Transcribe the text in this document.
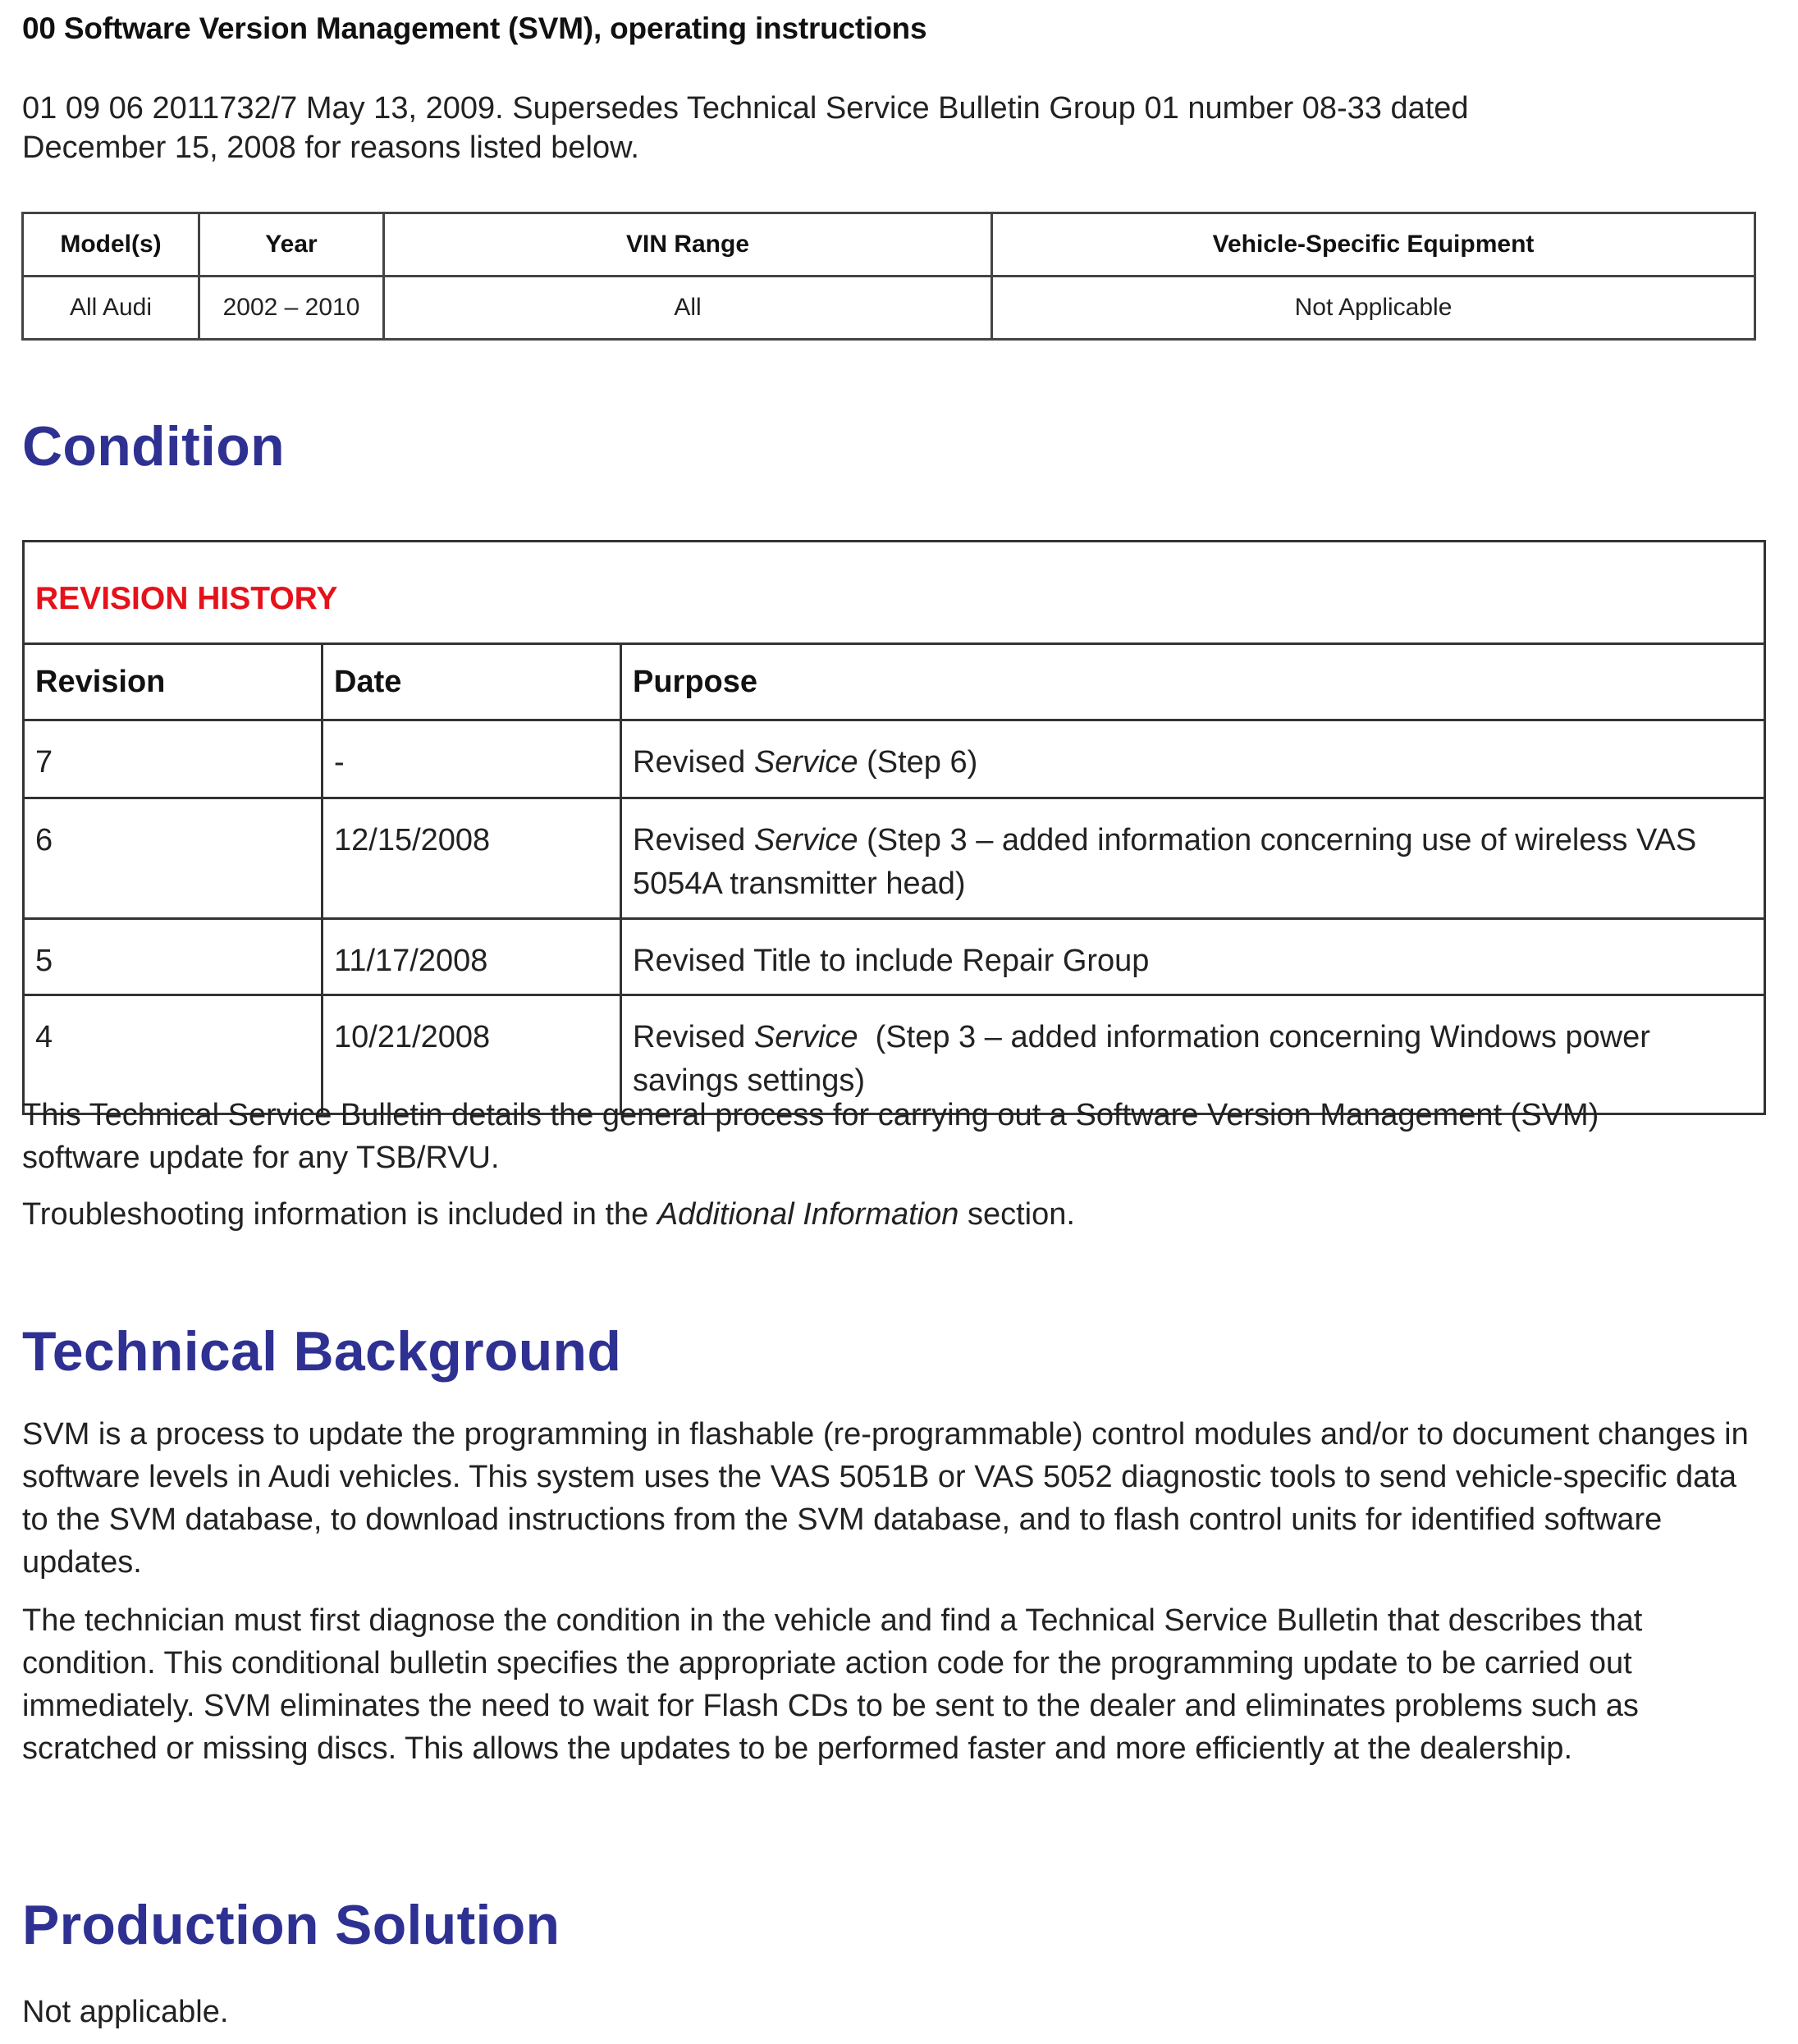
00 Software Version Management (SVM), operating instructions
01 09 06 2011732/7 May 13, 2009. Supersedes Technical Service Bulletin Group 01 number 08-33 dated
December 15, 2008 for reasons listed below.
Model(s)	Year	VIN Range	Vehicle-Specific Equipment
All Audi	2002 – 2010	All	Not Applicable
Condition
REVISION HISTORY		
Revision	Date	Purpose
7	-	Revised Service (Step 6)
6	12/15/2008	Revised Service (Step 3 – added information concerning use of wireless VAS 5054A transmitter head)
5	11/17/2008	Revised Title to include Repair Group
4	10/21/2008	Revised Service  (Step 3 – added information concerning Windows power savings settings)
This Technical Service Bulletin details the general process for carrying out a Software Version Management (SVM) software update for any TSB/RVU.
Troubleshooting information is included in the Additional Information section.
Technical Background
SVM is a process to update the programming in flashable (re-programmable) control modules and/or to document changes in software levels in Audi vehicles. This system uses the VAS 5051B or VAS 5052 diagnostic tools to send vehicle-specific data to the SVM database, to download instructions from the SVM database, and to flash control units for identified software updates.
The technician must first diagnose the condition in the vehicle and find a Technical Service Bulletin that describes that condition. This conditional bulletin specifies the appropriate action code for the programming update to be carried out immediately. SVM eliminates the need to wait for Flash CDs to be sent to the dealer and eliminates problems such as scratched or missing discs. This allows the updates to be performed faster and more efficiently at the dealership.
Production Solution
Not applicable.
